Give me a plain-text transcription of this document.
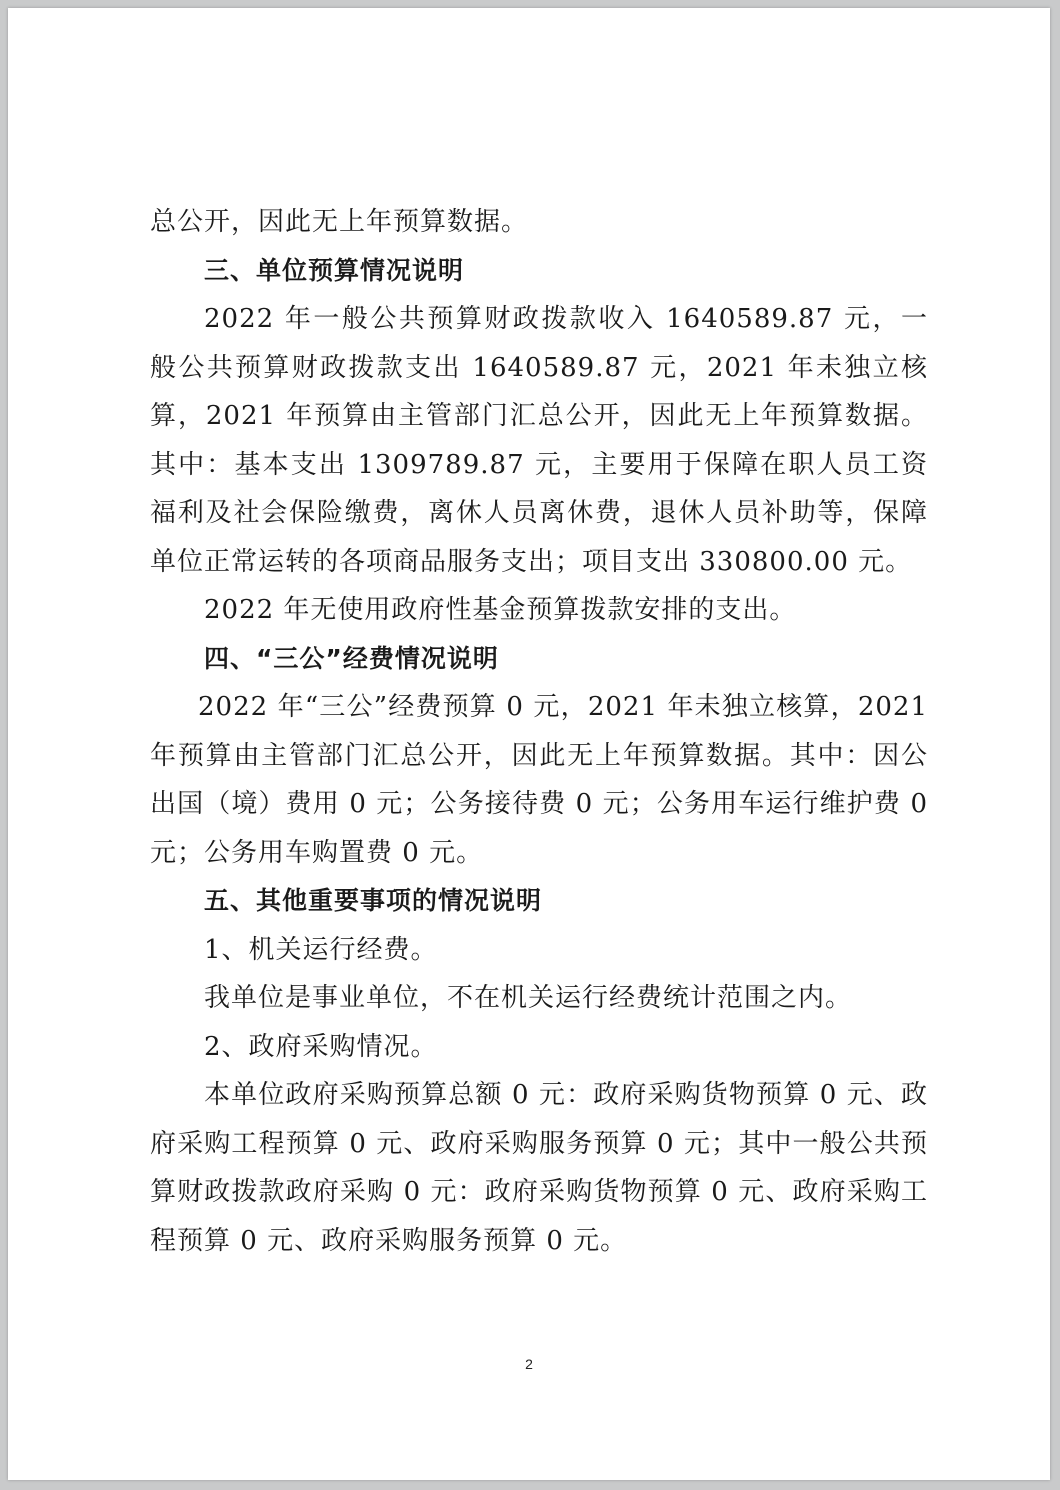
总公开，因此无上年预算数据。

三、单位预算情况说明

2022 年一般公共预算财政拨款收入 1640589.87 元，一般公共预算财政拨款支出 1640589.87 元，2021 年未独立核算，2021 年预算由主管部门汇总公开，因此无上年预算数据。其中：基本支出 1309789.87 元，主要用于保障在职人员工资福利及社会保险缴费，离休人员离休费，退休人员补助等，保障单位正常运转的各项商品服务支出；项目支出 330800.00 元。

2022 年无使用政府性基金预算拨款安排的支出。

四、“三公”经费情况说明

2022 年“三公”经费预算 0 元，2021 年未独立核算，2021 年预算由主管部门汇总公开，因此无上年预算数据。其中：因公出国（境）费用 0 元；公务接待费 0 元；公务用车运行维护费 0 元；公务用车购置费 0 元。

五、其他重要事项的情况说明

1、机关运行经费。

我单位是事业单位，不在机关运行经费统计范围之内。

2、政府采购情况。

本单位政府采购预算总额 0 元：政府采购货物预算 0 元、政府采购工程预算 0 元、政府采购服务预算 0 元；其中一般公共预算财政拨款政府采购 0 元：政府采购货物预算 0 元、政府采购工程预算 0 元、政府采购服务预算 0 元。

2
